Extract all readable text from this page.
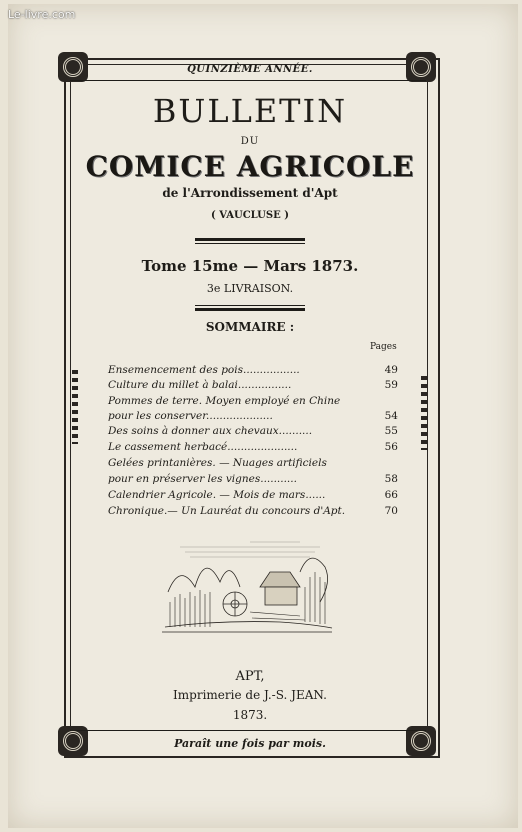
Le-livre.com
QUINZIÈME ANNÉE.
BULLETIN
DU
COMICE AGRICOLE
de l'Arrondissement d'Apt
( VAUCLUSE )
Tome 15me — Mars 1873.
3e LIVRAISON.
SOMMAIRE :
Pages
Ensemencement des pois.................	49
Culture du millet à balai................	59
Pommes de terre. Moyen employé en Chine
pour les conserver....................	54
Des soins à donner aux chevaux..........	55
Le cassement herbacé.....................	56
Gelées printanières. — Nuages artificiels
pour en préserver les vignes...........	58
Calendrier Agricole. — Mois de mars......	66
Chronique.— Un Lauréat du concours d'Apt.	70
APT,
Imprimerie de J.-S. JEAN.
1873.
Paraît une fois par mois.
